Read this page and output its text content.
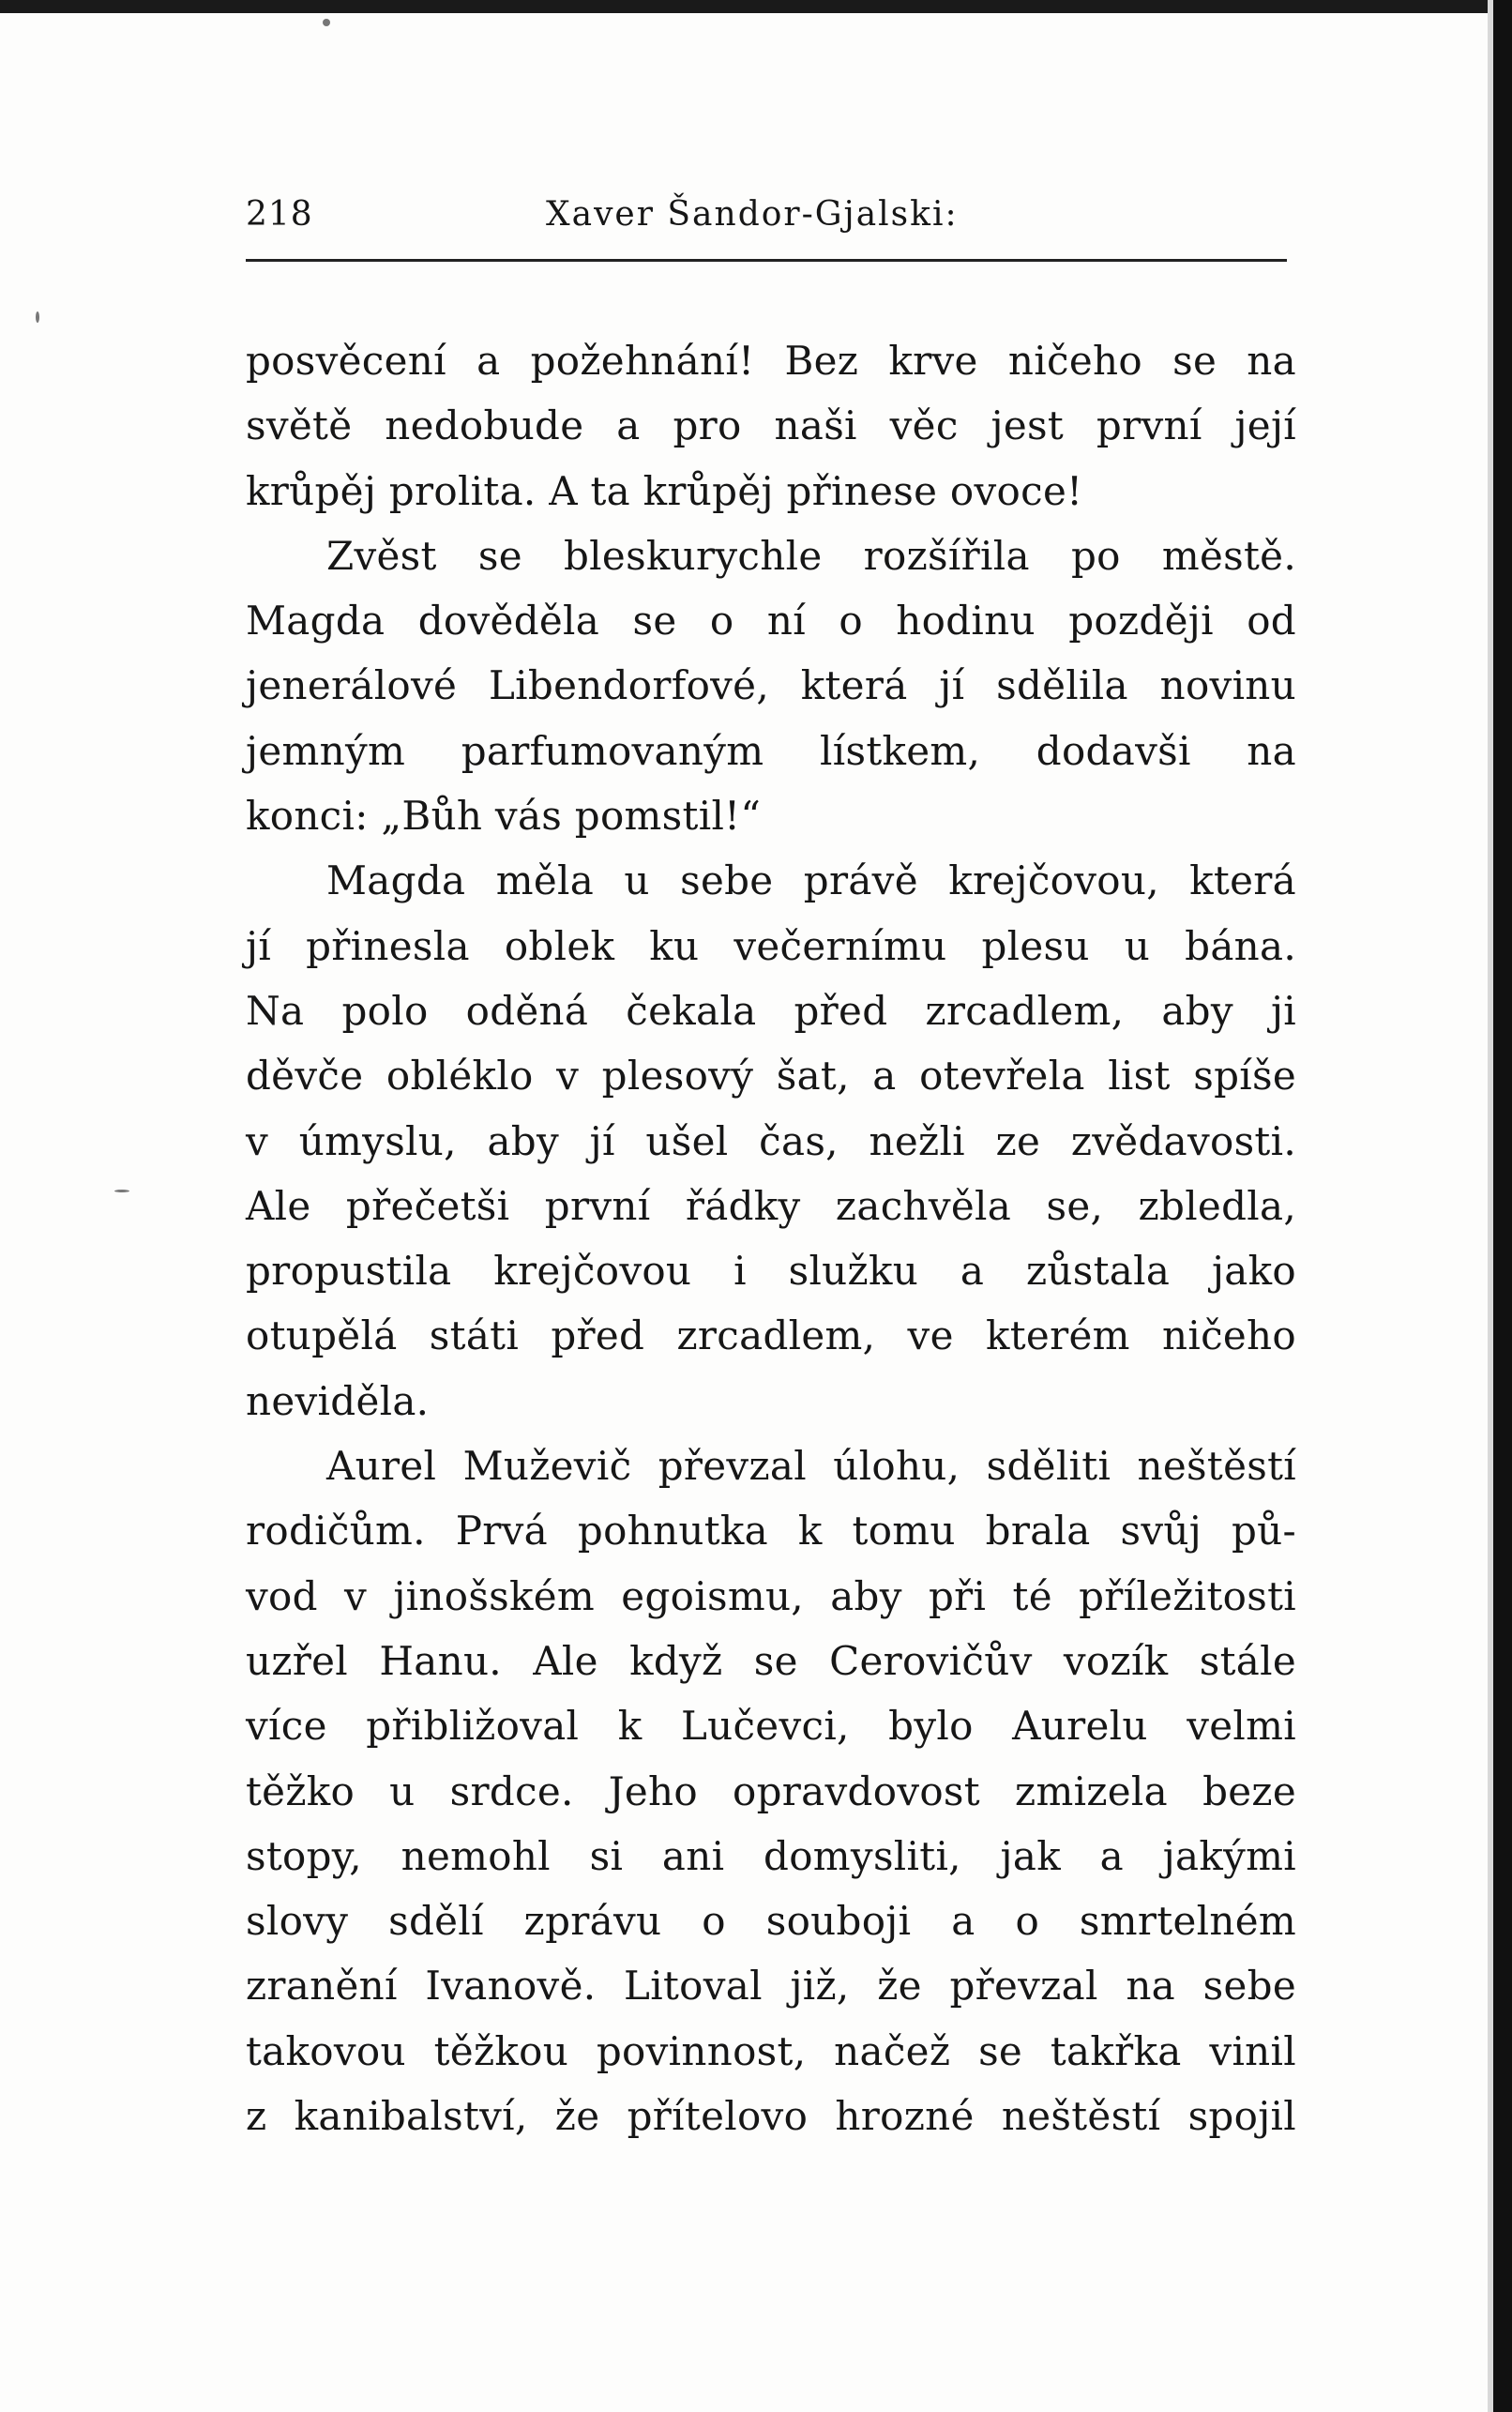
218	Xaver Šandor-Gjalski:
posvěcení a požehnání! Bez krve ničeho se na
světě nedobude a pro naši věc jest první její
krůpěj prolita. A ta krůpěj přinese ovoce!
Zvěst se bleskurychle rozšířila po městě.
Magda dověděla se o ní o hodinu později od
jenerálové Libendorfové, která jí sdělila novinu
jemným parfumovaným lístkem, dodavši na
konci: „Bůh vás pomstil!“
Magda měla u sebe právě krejčovou, která
jí přinesla oblek ku večernímu plesu u bána.
Na polo oděná čekala před zrcadlem, aby ji
děvče obléklo v plesový šat, a otevřela list spíše
v úmyslu, aby jí ušel čas, nežli ze zvědavosti.
Ale přečetši první řádky zachvěla se, zbledla,
propustila krejčovou i služku a zůstala jako
otupělá státi před zrcadlem, ve kterém ničeho
neviděla.
Aurel Muževič převzal úlohu, sděliti neštěstí
rodičům. Prvá pohnutka k tomu brala svůj pů-
vod v jinošském egoismu, aby při té příležitosti
uzřel Hanu. Ale když se Cerovičův vozík stále
více přibližoval k Lučevci, bylo Aurelu velmi
těžko u srdce. Jeho opravdovost zmizela beze
stopy, nemohl si ani domysliti, jak a jakými
slovy sdělí zprávu o souboji a o smrtelném
zranění Ivanově. Litoval již, že převzal na sebe
takovou těžkou povinnost, načež se takřka vinil
z kanibalství, že přítelovo hrozné neštěstí spojil
